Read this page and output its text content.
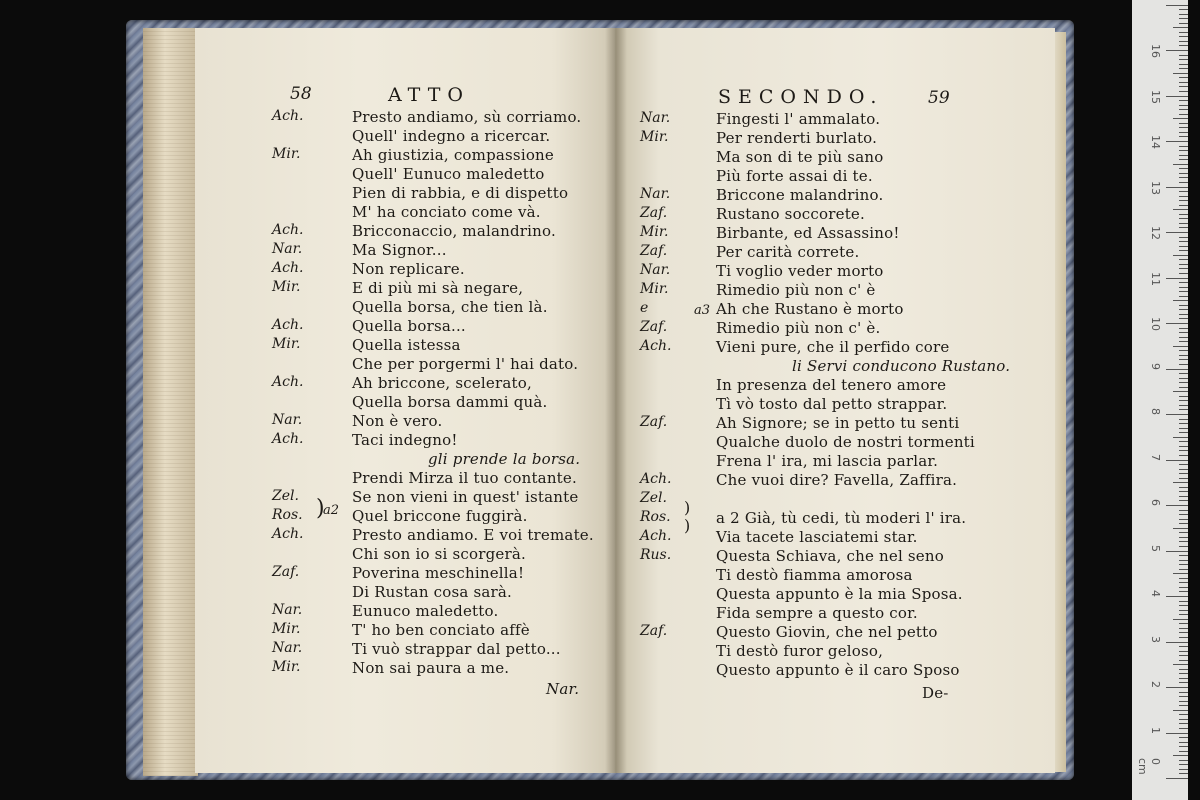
58	ATTO	SECONDO.	59
Ach.	Presto andiamo, sù corriamo.
Quell' indegno a ricercar.
Mir.	Ah giustizia, compassione
Quell' Eunuco maledetto
Pien di rabbia, e di dispetto
M' ha conciato come và.
Ach.	Bricconaccio, malandrino.
Nar.	Ma Signor...
Ach.	Non replicare.
Mir.	E di più mi sà negare,
Quella borsa, che tien là.
Ach.	Quella borsa...
Mir.	Quella istessa
Che per porgermi l' hai dato.
Ach.	Ah briccone, scelerato,
Quella borsa dammi quà.
Nar.	Non è vero.
Ach.	Taci indegno!
gli prende la borsa.
Prendi Mirza il tuo contante.
Zel.	Se non vieni in quest' istante
Ros.	Quel briccone fuggirà.
Ach.	Presto andiamo. E voi tremate.
Chi son io si scorgerà.
Zaf.	Poverina meschinella!
Di Rustan cosa sarà.
Nar.	Eunuco maledetto.
Mir.	T' ho ben conciato affè
Nar.	Ti vuò strappar dal petto...
Mir.	Non sai paura a me.
Nar.	Fingesti l' ammalato.
Mir.	Per renderti burlato.
Ma son di te più sano
Più forte assai di te.
Nar.	Briccone malandrino.
Zaf.	Rustano soccorete.
Mir.	Birbante, ed Assassino!
Zaf.	Per carità correte.
Nar.	Ti voglio veder morto
Mir.	Rimedio più non c' è
e	Ah che Rustano è morto
Zaf.	Rimedio più non c' è.
Ach.	Vieni pure, che il perfido core
li Servi conducono Rustano.
In presenza del tenero amore
Tì vò tosto dal petto strappar.
Zaf.	Ah Signore; se in petto tu senti
Qualche duolo de nostri tormenti
Frena l' ira, mi lascia parlar.
Ach.	Che vuoi dire? Favella, Zaffira.
Zel.
Ros.	a 2 Già, tù cedi, tù moderi l' ira.
Ach.	Via tacete lasciatemi star.
Rus.	Questa Schiava, che nel seno
Ti destò fiamma amorosa
Questa appunto è la mia Sposa.
Fida sempre a questo cor.
Zaf.	Questo Giovin, che nel petto
Ti destò furor geloso,
Questo appunto è il caro Sposo
)
a2
a3
)
)
Nar.	De-
0 cm
1
2
3
4
5
6
7
8
9
10
11
12
13
14
15
16
